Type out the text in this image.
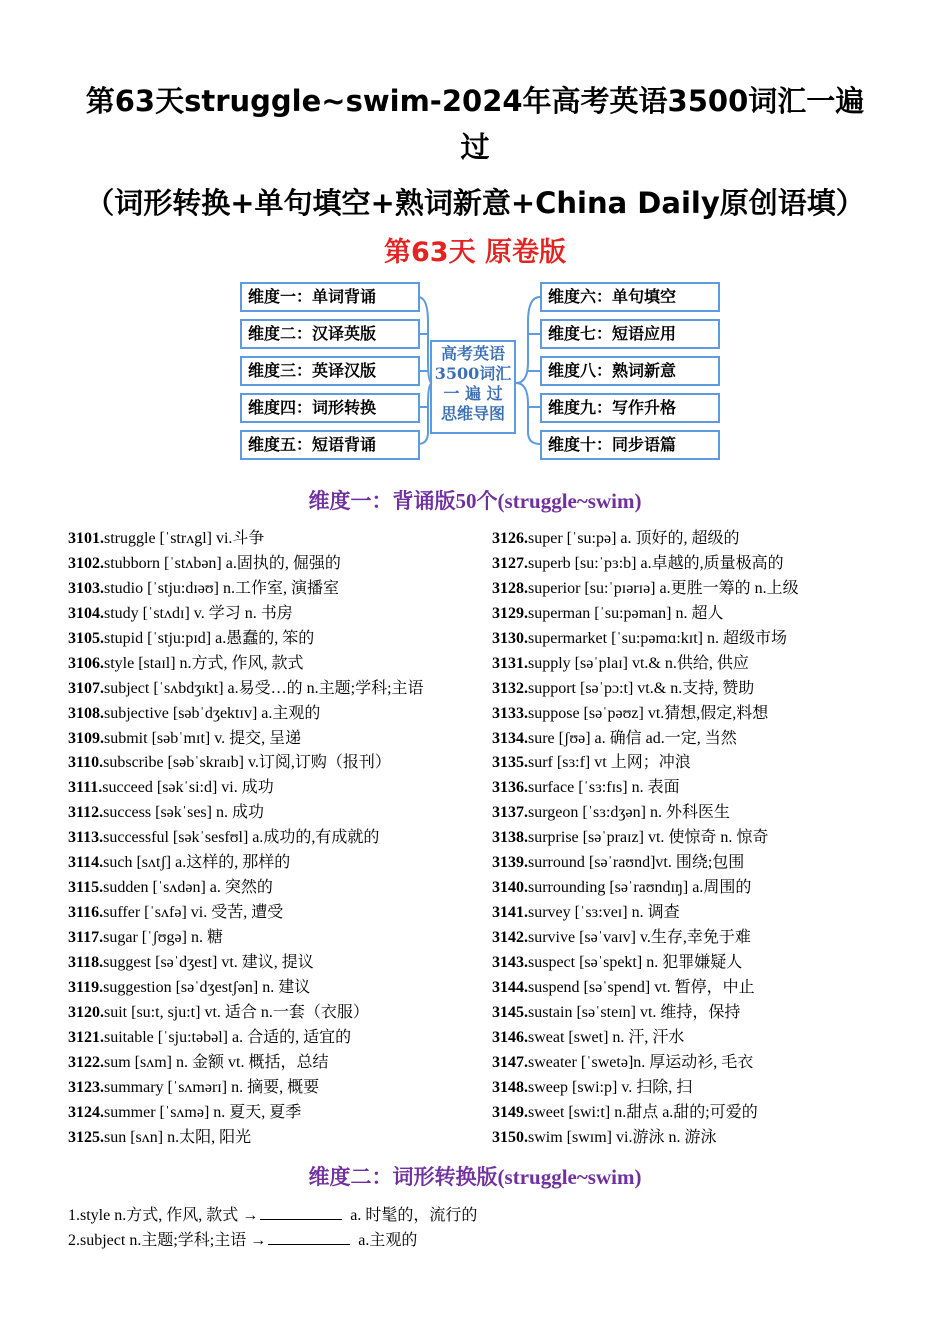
第63天struggle~swim-2024年高考英语3500词汇一遍
过
（词形转换+单句填空+熟词新意+China Daily原创语填）
第63天 原卷版
维度一：单词背诵
维度二：汉译英版
维度三：英译汉版
维度四：词形转换
维度五：短语背诵
高考英语
3500词汇
一 遍 过
思维导图
维度六：单句填空
维度七：短语应用
维度八：熟词新意
维度九：写作升格
维度十：同步语篇
维度一：背诵版50个(struggle~swim)
3101.struggle [ˈstrʌgl] vi.斗争
3102.stubborn [ˈstʌbən] a.固执的, 倔强的
3103.studio [ˈstju:dɪəʊ] n.工作室, 演播室
3104.study [ˈstʌdɪ] v. 学习 n. 书房
3105.stupid [ˈstju:pɪd] a.愚蠢的, 笨的
3106.style [staɪl] n.方式, 作风, 款式
3107.subject [ˈsʌbdʒɪkt] a.易受…的 n.主题;学科;主语
3108.subjective [səbˈdʒektɪv] a.主观的
3109.submit [səbˈmɪt] v. 提交, 呈递
3110.subscribe [səbˈskraɪb] v.订阅,订购（报刊）
3111.succeed [səkˈsi:d] vi. 成功
3112.success [səkˈses] n. 成功
3113.successful [səkˈsesfʊl] a.成功的,有成就的
3114.such [sʌtʃ] a.这样的, 那样的
3115.sudden [ˈsʌdən] a. 突然的
3116.suffer [ˈsʌfə] vi. 受苦, 遭受
3117.sugar [ˈʃʊgə] n. 糖
3118.suggest [səˈdʒest] vt. 建议, 提议
3119.suggestion [səˈdʒestʃən] n. 建议
3120.suit [su:t, sju:t] vt. 适合 n.一套（衣服）
3121.suitable [ˈsju:təbəl] a. 合适的, 适宜的
3122.sum [sʌm] n. 金额 vt. 概括，总结
3123.summary [ˈsʌmərɪ] n. 摘要, 概要
3124.summer [ˈsʌmə] n. 夏天, 夏季
3125.sun [sʌn] n.太阳, 阳光
3126.super [ˈsu:pə] a. 顶好的, 超级的
3127.superb [su:ˈpɜ:b] a.卓越的,质量极高的
3128.superior [su:ˈpɪərɪə] a.更胜一筹的 n.上级
3129.superman [ˈsu:pəman] n. 超人
3130.supermarket [ˈsu:pəmɑ:kɪt] n. 超级市场
3131.supply [səˈplaɪ] vt.& n.供给, 供应
3132.support [səˈpɔ:t] vt.& n.支持, 赞助
3133.suppose [səˈpəʊz] vt.猜想,假定,料想
3134.sure [ʃʊə] a. 确信 ad.一定, 当然
3135.surf [sɜ:f] vt 上网；冲浪
3136.surface [ˈsɜ:fɪs] n. 表面
3137.surgeon [ˈsɜ:dʒən] n. 外科医生
3138.surprise [səˈpraɪz] vt. 使惊奇 n. 惊奇
3139.surround [səˈraʊnd]vt. 围绕;包围
3140.surrounding [səˈraʊndɪŋ] a.周围的
3141.survey [ˈsɜ:veɪ] n. 调查
3142.survive [səˈvaɪv] v.生存,幸免于难
3143.suspect [səˈspekt] n. 犯罪嫌疑人
3144.suspend [səˈspend] vt. 暂停，中止
3145.sustain [səˈsteɪn] vt. 维持，保持
3146.sweat [swet] n. 汗, 汗水
3147.sweater [ˈswetə]n. 厚运动衫, 毛衣
3148.sweep [swi:p] v. 扫除, 扫
3149.sweet [swi:t] n.甜点 a.甜的;可爱的
3150.swim [swɪm] vi.游泳 n. 游泳
维度二：词形转换版(struggle~swim)
1.style n.方式, 作风, 款式 →	a. 时髦的，流行的
2.subject n.主题;学科;主语 →	a.主观的
